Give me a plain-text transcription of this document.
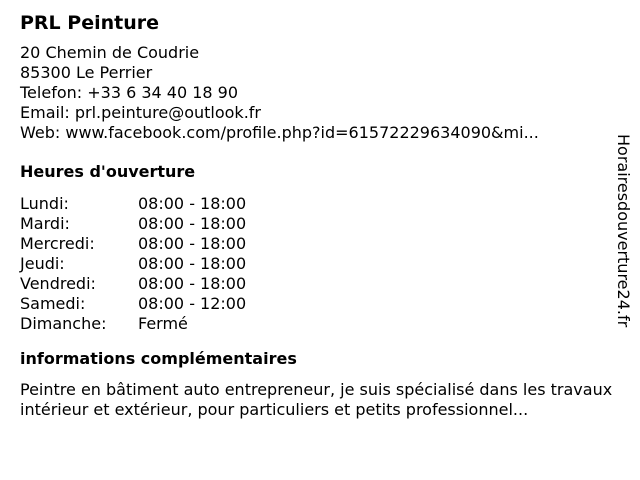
PRL Peinture
20 Chemin de Coudrie
85300 Le Perrier
Telefon: +33 6 34 40 18 90
Email: prl.peinture@outlook.fr
Web: www.facebook.com/profile.php?id=61572229634090&mi...
Heures d'ouverture
Lundi:	08:00 - 18:00
Mardi:	08:00 - 18:00
Mercredi:	08:00 - 18:00
Jeudi:	08:00 - 18:00
Vendredi:	08:00 - 18:00
Samedi:	08:00 - 12:00
Dimanche:	Fermé
informations complémentaires
Peintre en bâtiment auto entrepreneur, je suis spécialisé dans les travaux intérieur et extérieur, pour particuliers et petits professionnel...
Horairesdouverture24.fr
